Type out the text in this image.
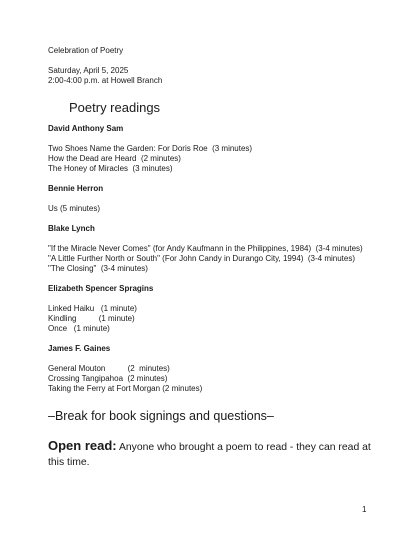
Celebration of Poetry
Saturday, April 5, 2025
2:00-4:00 p.m. at Howell Branch
Poetry readings
David Anthony Sam
Two Shoes Name the Garden: For Doris Roe  (3 minutes)
How the Dead are Heard  (2 minutes)
The Honey of Miracles  (3 minutes)
Bennie Herron
Us (5 minutes)
Blake Lynch
"If the Miracle Never Comes" (for Andy Kaufmann in the Philippines, 1984)  (3-4 minutes)
"A Little Further North or South" (For John Candy in Durango City, 1994)  (3-4 minutes)
"The Closing"  (3-4 minutes)
Elizabeth Spencer Spragins
Linked Haiku   (1 minute)
Kindling          (1 minute)
Once   (1 minute)
James F. Gaines
General Mouton          (2  minutes)
Crossing Tangipahoa  (2 minutes)
Taking the Ferry at Fort Morgan (2 minutes)
–Break for book signings and questions–
Open read: Anyone who brought a poem to read - they can read at this time.
1
